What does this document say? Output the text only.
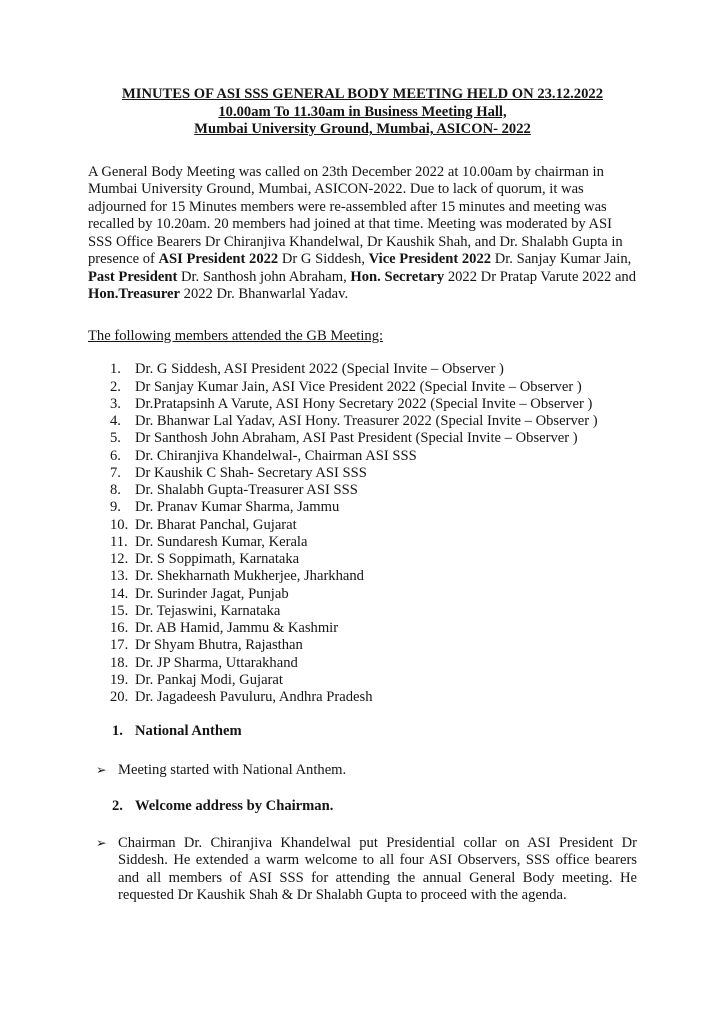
MINUTES OF ASI SSS GENERAL BODY MEETING HELD ON 23.12.2022
10.00am To 11.30am in Business Meeting Hall,
Mumbai University Ground, Mumbai, ASICON- 2022

A General Body Meeting was called on 23th December 2022 at 10.00am by chairman in Mumbai University Ground, Mumbai, ASICON-2022. Due to lack of quorum, it was adjourned for 15 Minutes members were re-assembled after 15 minutes and meeting was recalled by 10.20am. 20 members had joined at that time. Meeting was moderated by ASI SSS Office Bearers Dr Chiranjiva Khandelwal, Dr Kaushik Shah, and Dr. Shalabh Gupta in presence of ASI President 2022 Dr G Siddesh, Vice President 2022 Dr. Sanjay Kumar Jain, Past President Dr. Santhosh john Abraham, Hon. Secretary 2022 Dr Pratap Varute 2022 and Hon.Treasurer 2022 Dr. Bhanwarlal Yadav.

The following members attended the GB Meeting:
1. Dr. G Siddesh, ASI President 2022 (Special Invite – Observer )
2. Dr Sanjay Kumar Jain, ASI Vice President 2022 (Special Invite – Observer )
3. Dr.Pratapsinh A Varute, ASI Hony Secretary 2022 (Special Invite – Observer )
4. Dr. Bhanwar Lal Yadav, ASI Hony. Treasurer 2022 (Special Invite – Observer )
5. Dr Santhosh John Abraham, ASI Past President (Special Invite – Observer )
6. Dr. Chiranjiva Khandelwal-, Chairman ASI SSS
7. Dr Kaushik C Shah- Secretary ASI SSS
8. Dr. Shalabh Gupta-Treasurer ASI SSS
9. Dr. Pranav Kumar Sharma, Jammu
10. Dr. Bharat Panchal, Gujarat
11. Dr. Sundaresh Kumar, Kerala
12. Dr. S Soppimath, Karnataka
13. Dr. Shekharnath Mukherjee, Jharkhand
14. Dr. Surinder Jagat, Punjab
15. Dr. Tejaswini, Karnataka
16. Dr. AB Hamid, Jammu & Kashmir
17. Dr Shyam Bhutra, Rajasthan
18. Dr. JP Sharma, Uttarakhand
19. Dr. Pankaj Modi, Gujarat
20. Dr. Jagadeesh Pavuluru, Andhra Pradesh
1. National Anthem
➢ Meeting started with National Anthem.
2. Welcome address by Chairman.
➢ Chairman Dr. Chiranjiva Khandelwal put Presidential collar on ASI President Dr Siddesh. He extended a warm welcome to all four ASI Observers, SSS office bearers and all members of ASI SSS for attending the annual General Body meeting. He requested Dr Kaushik Shah & Dr Shalabh Gupta to proceed with the agenda.
